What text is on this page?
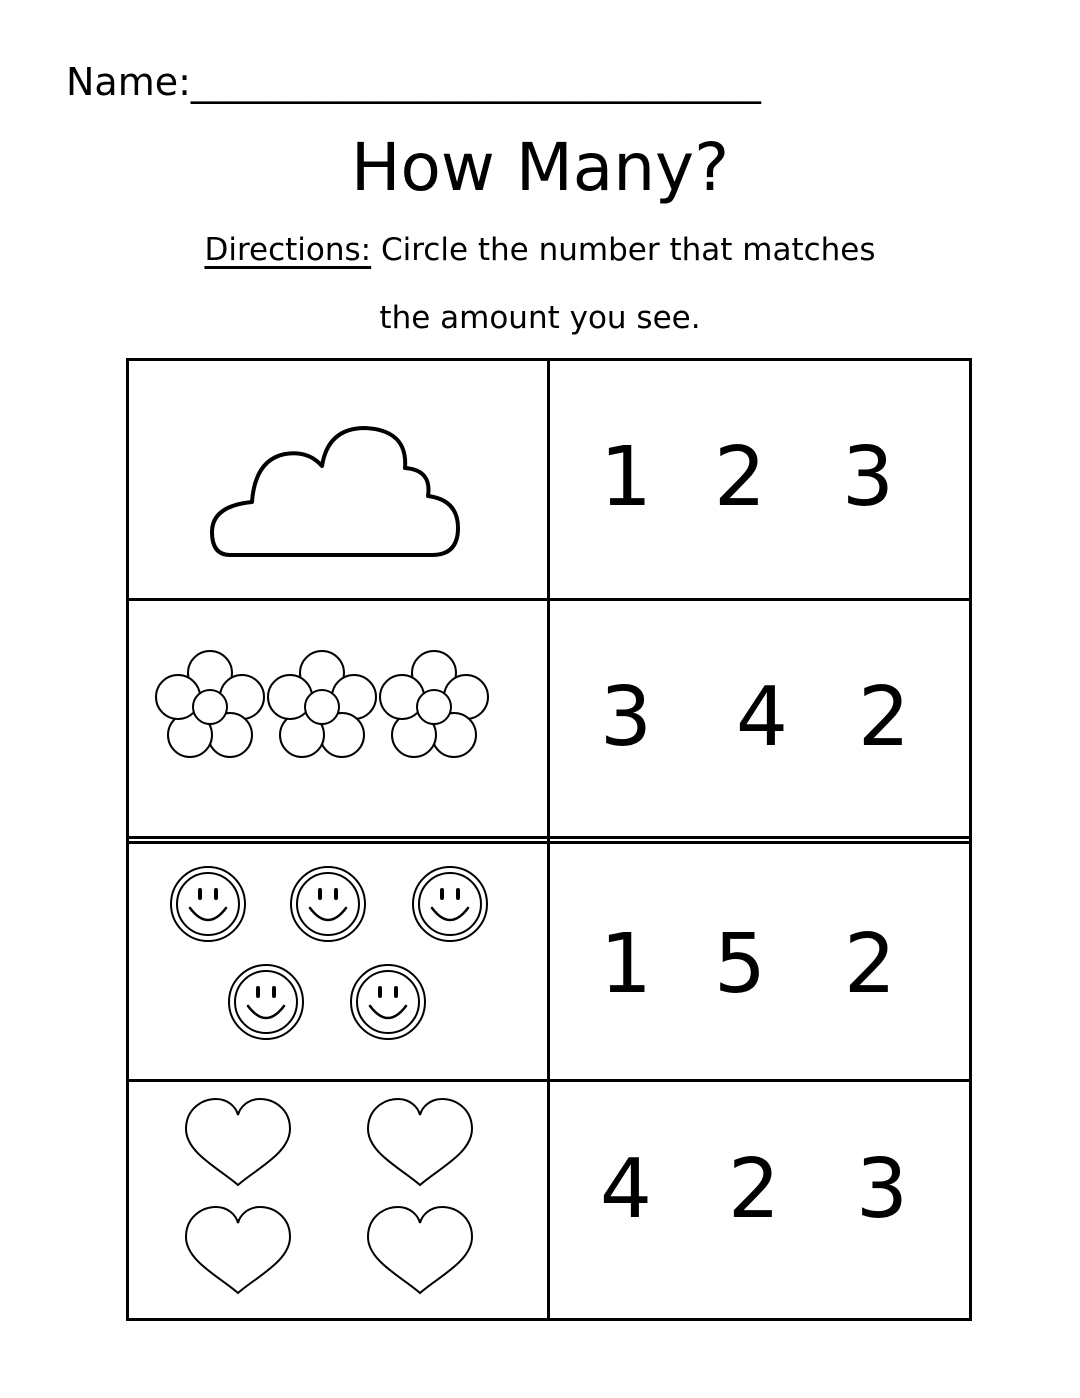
Name:______________________________
How Many?
Directions: Circle the number that matches
the amount you see.
1 2 3
3 4 2
1 5 2
4 2 3
